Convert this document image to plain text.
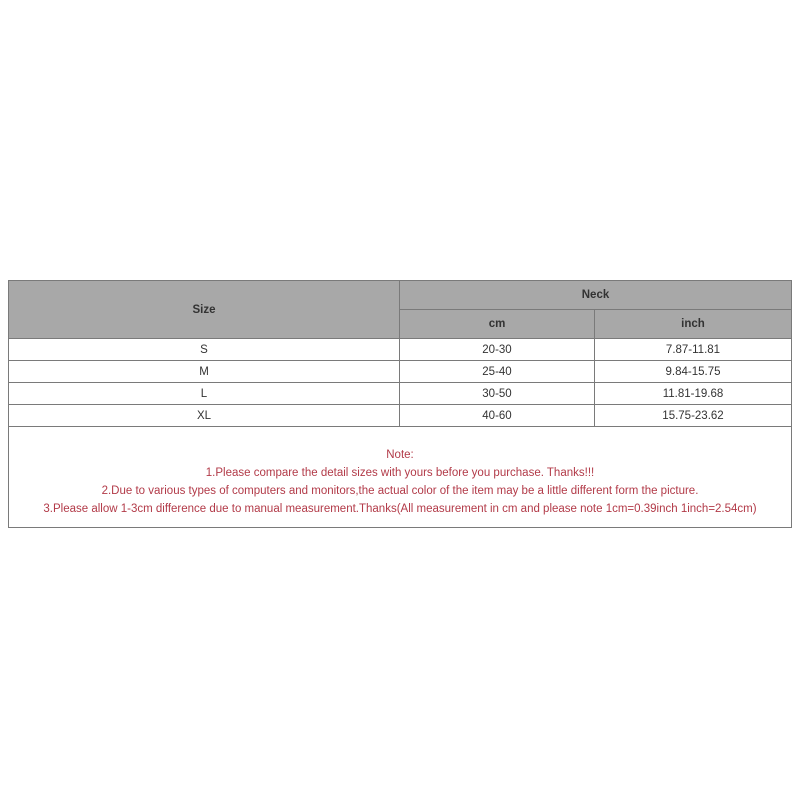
Size	Neck	
	cm	inch
S	20-30	7.87-11.81
M	25-40	9.84-15.75
L	30-50	11.81-19.68
XL	40-60	15.75-23.62

Note:
1.Please compare the detail sizes with yours before you purchase. Thanks!!!
2.Due to various types of computers and monitors,the actual color of the item may be a little different form the picture.
3.Please allow 1-3cm difference due to manual measurement.Thanks(All measurement in cm and please note 1cm=0.39inch 1inch=2.54cm)		
